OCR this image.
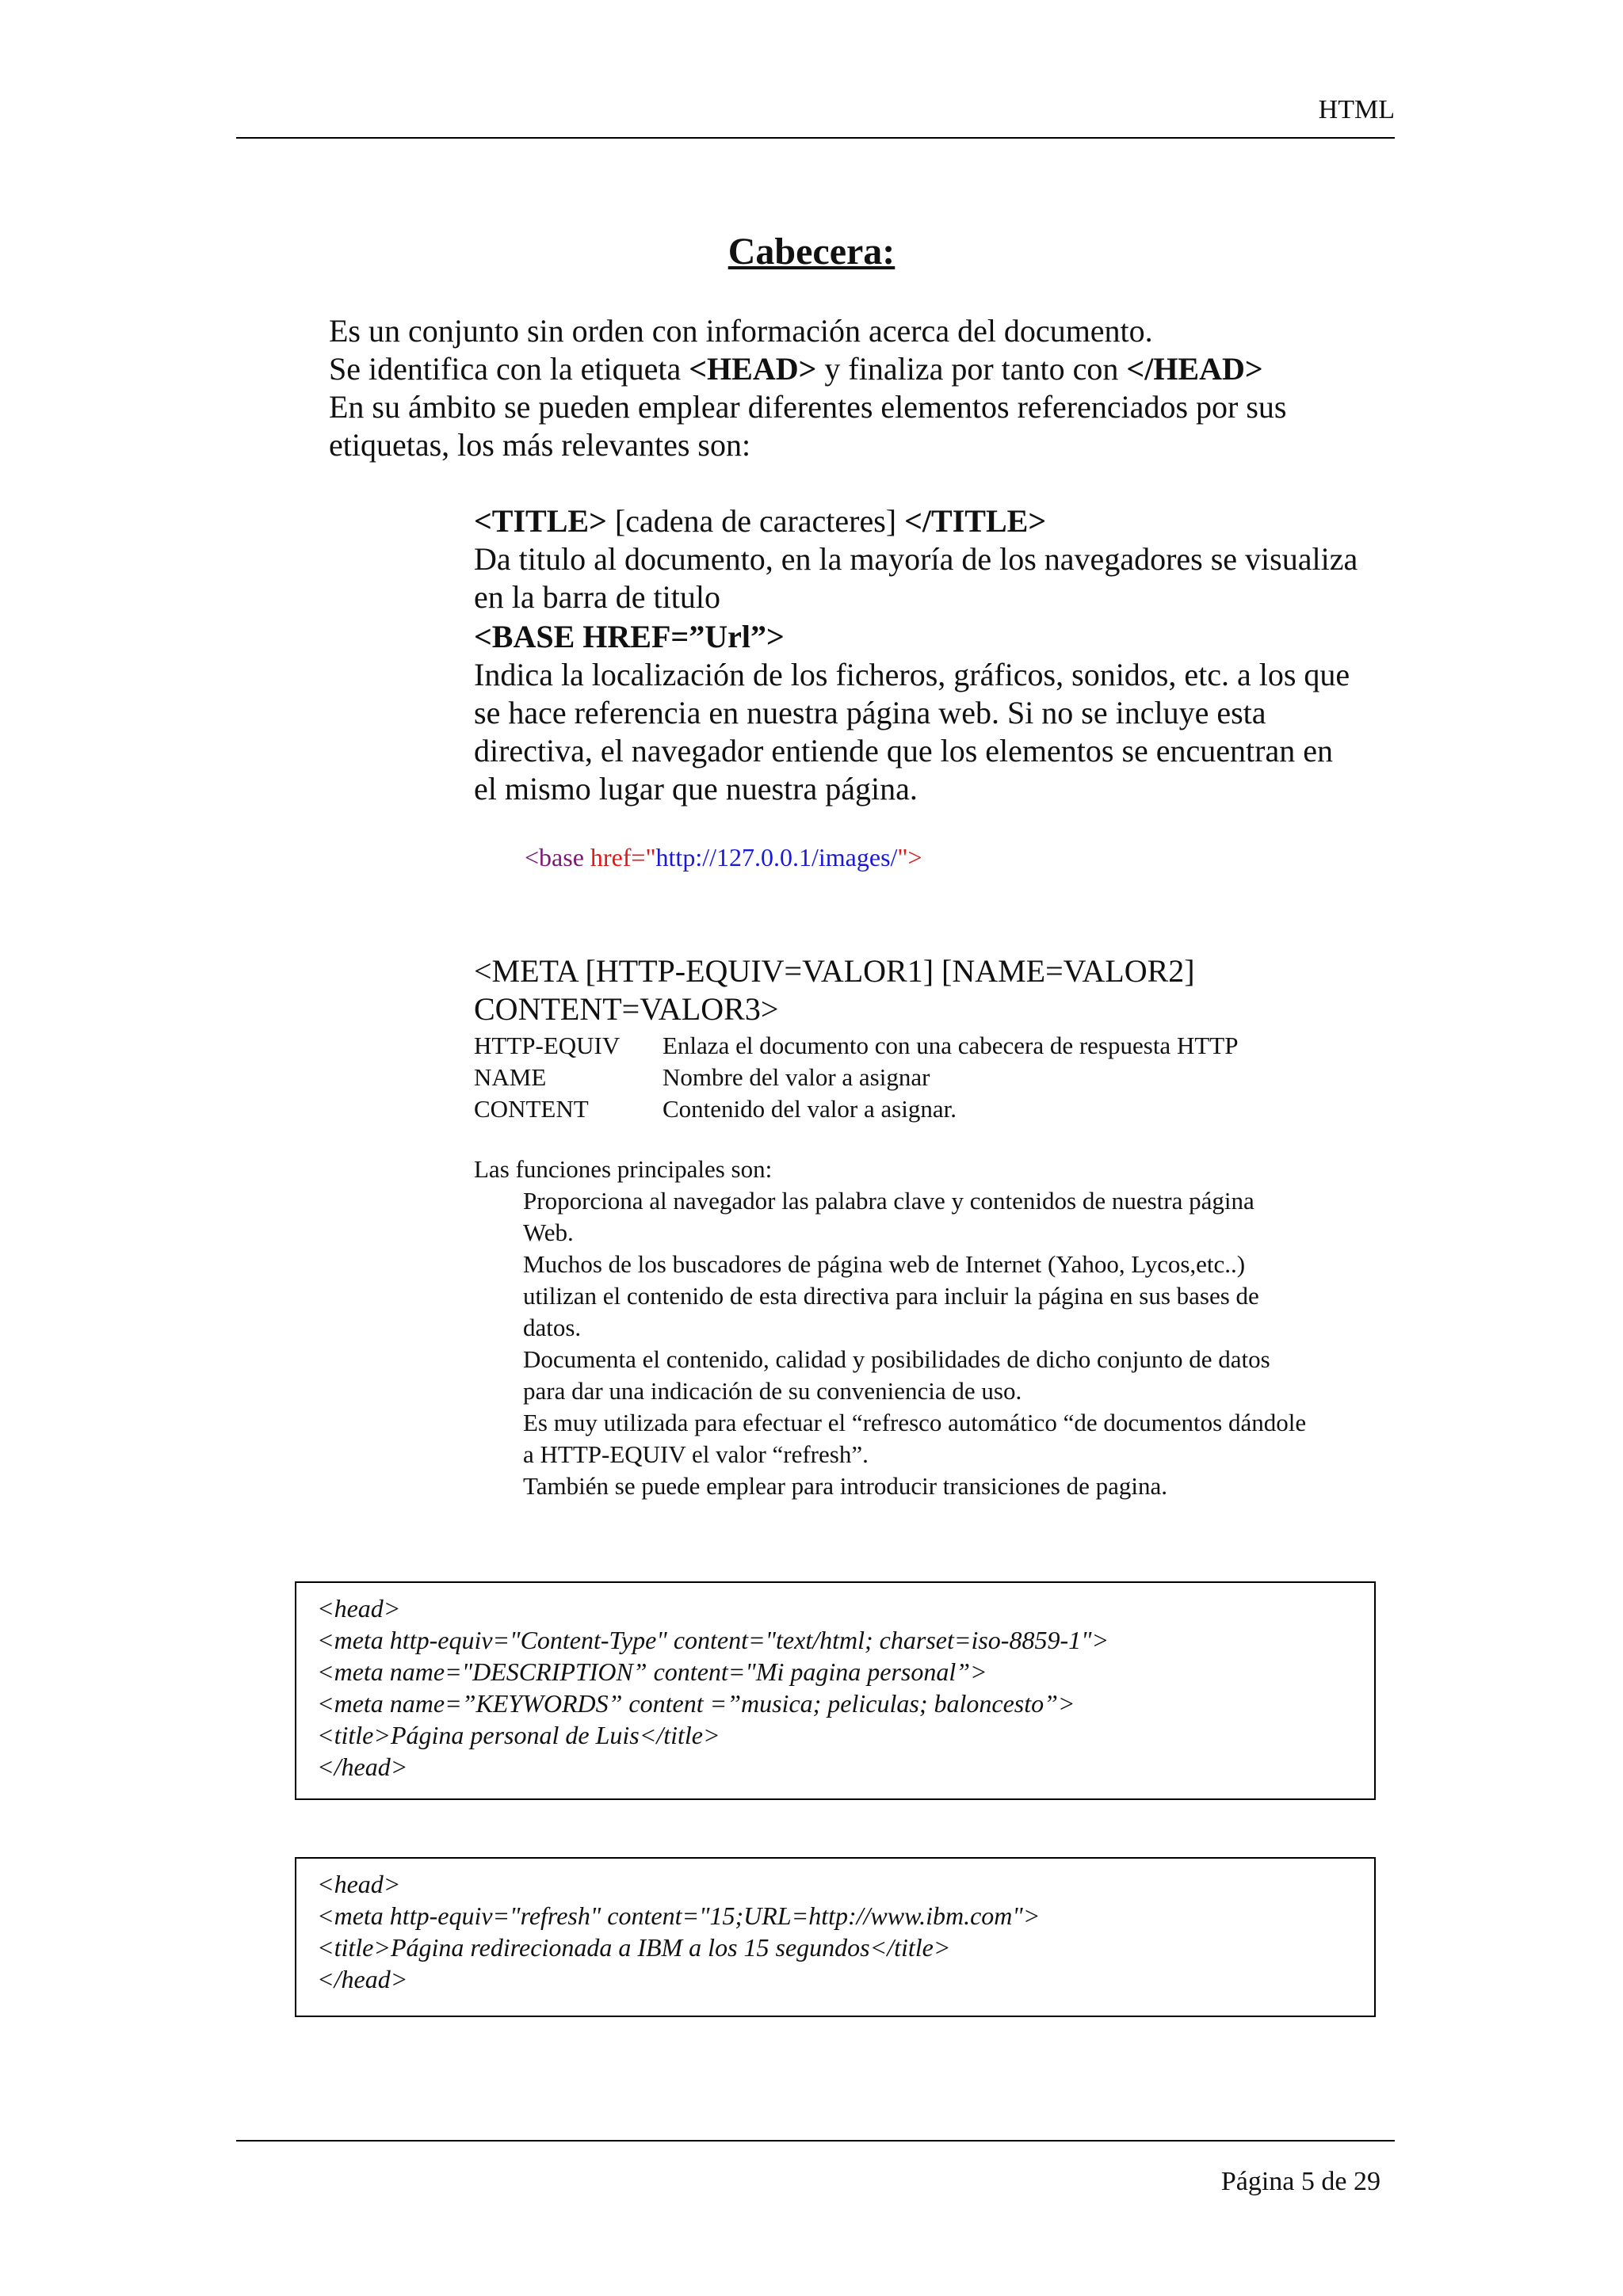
HTML
Cabecera:
Es un conjunto sin orden con información acerca del documento.
Se identifica con la etiqueta <HEAD> y finaliza por tanto con </HEAD>
En su ámbito se pueden emplear diferentes elementos referenciados por sus
etiquetas, los más relevantes son:
<TITLE> [cadena de caracteres] </TITLE>
Da titulo al documento, en la mayoría de los navegadores se visualiza
en la barra de titulo
<BASE HREF=”Url”>
Indica la localización de los ficheros, gráficos, sonidos, etc. a los que
se hace referencia en nuestra página web. Si no se incluye esta
directiva, el navegador entiende que los elementos se encuentran en
el mismo lugar que nuestra página.
<base href="http://127.0.0.1/images/">
<META [HTTP-EQUIV=VALOR1] [NAME=VALOR2]
CONTENT=VALOR3>
HTTP-EQUIV Enlaza el documento con una cabecera de respuesta HTTP
NAME	Nombre del valor a asignar
CONTENT	Contenido del valor a asignar.
Las funciones principales son:
Proporciona al navegador las palabra clave y contenidos de nuestra página
Web.
Muchos de los buscadores de página web de Internet (Yahoo, Lycos,etc..)
utilizan el contenido de esta directiva para incluir la página en sus bases de
datos.
Documenta el contenido, calidad y posibilidades de dicho conjunto de datos
para dar una indicación de su conveniencia de uso.
Es muy utilizada para efectuar el “refresco automático “de documentos dándole
a HTTP-EQUIV el valor “refresh”.
También se puede emplear para introducir transiciones de pagina.
<head>
<meta http-equiv="Content-Type" content="text/html; charset=iso-8859-1">
<meta name="DESCRIPTION” content="Mi pagina personal”>
<meta name=”KEYWORDS” content =”musica; peliculas; baloncesto”>
<title>Página personal de Luis</title>
</head>
<head>
<meta http-equiv="refresh" content="15;URL=http://www.ibm.com">
<title>Página redirecionada a IBM a los 15 segundos</title>
</head>
Página 5 de 29
